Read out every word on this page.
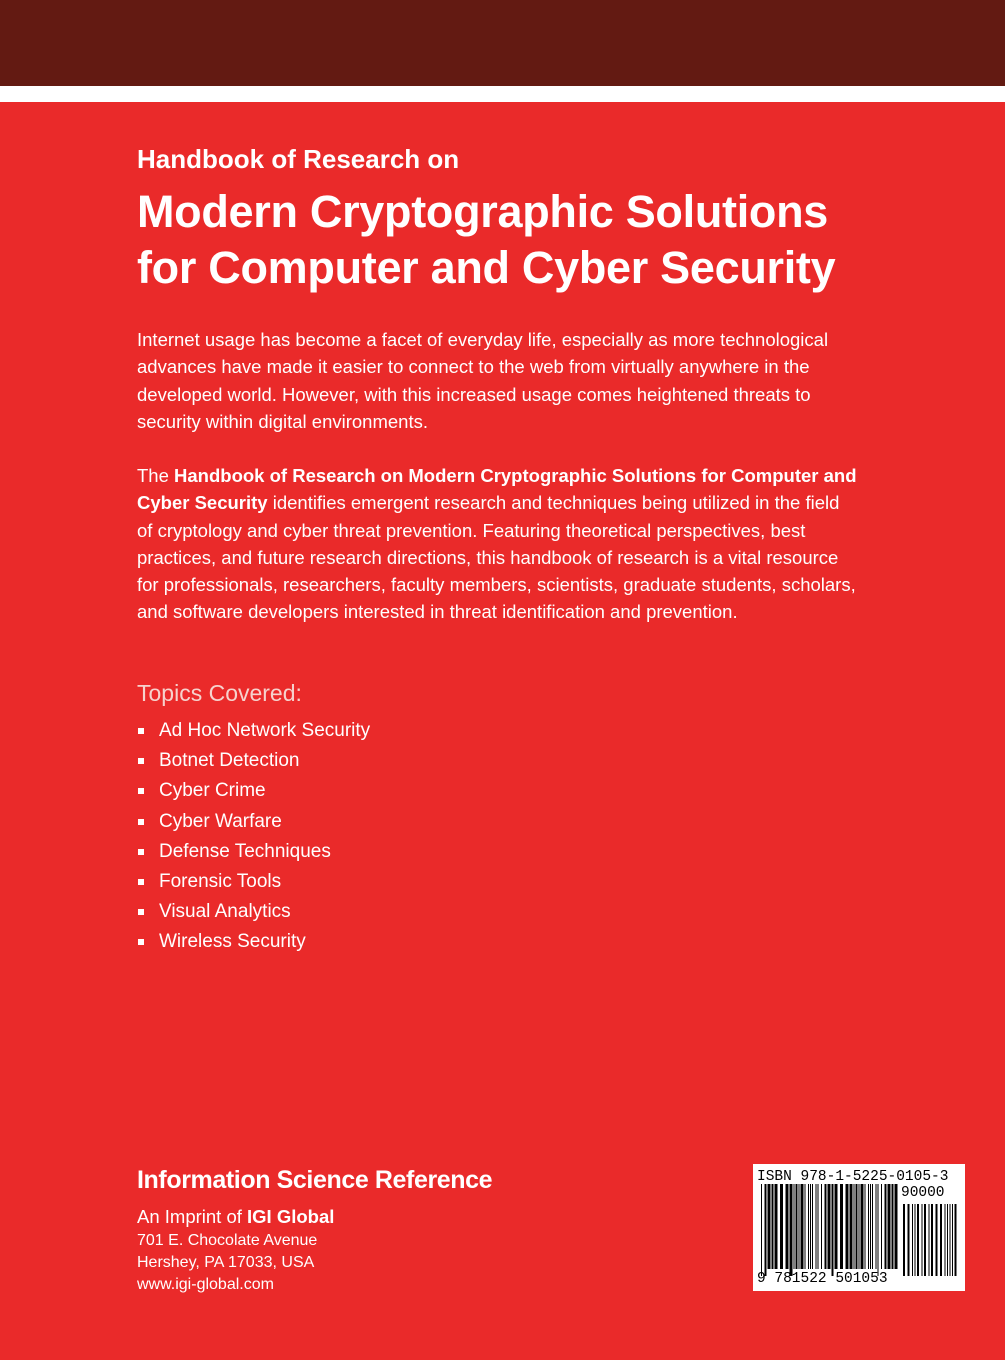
Handbook of Research on
Modern Cryptographic Solutions
for Computer and Cyber Security

Internet usage has become a facet of everyday life, especially as more technological advances have made it easier to connect to the web from virtually anywhere in the developed world. However, with this increased usage comes heightened threats to security within digital environments.

The Handbook of Research on Modern Cryptographic Solutions for Computer and Cyber Security identifies emergent research and techniques being utilized in the field of cryptology and cyber threat prevention. Featuring theoretical perspectives, best practices, and future research directions, this handbook of research is a vital resource for professionals, researchers, faculty members, scientists, graduate students, scholars, and software developers interested in threat identification and prevention.

Topics Covered:
Ad Hoc Network Security
Botnet Detection
Cyber Crime
Cyber Warfare
Defense Techniques
Forensic Tools
Visual Analytics
Wireless Security
Information Science Reference
An Imprint of IGI Global
701 E. Chocolate Avenue
Hershey, PA 17033, USA
www.igi-global.com
ISBN 978-1-5225-0105-3
90000
9 781522 501053
